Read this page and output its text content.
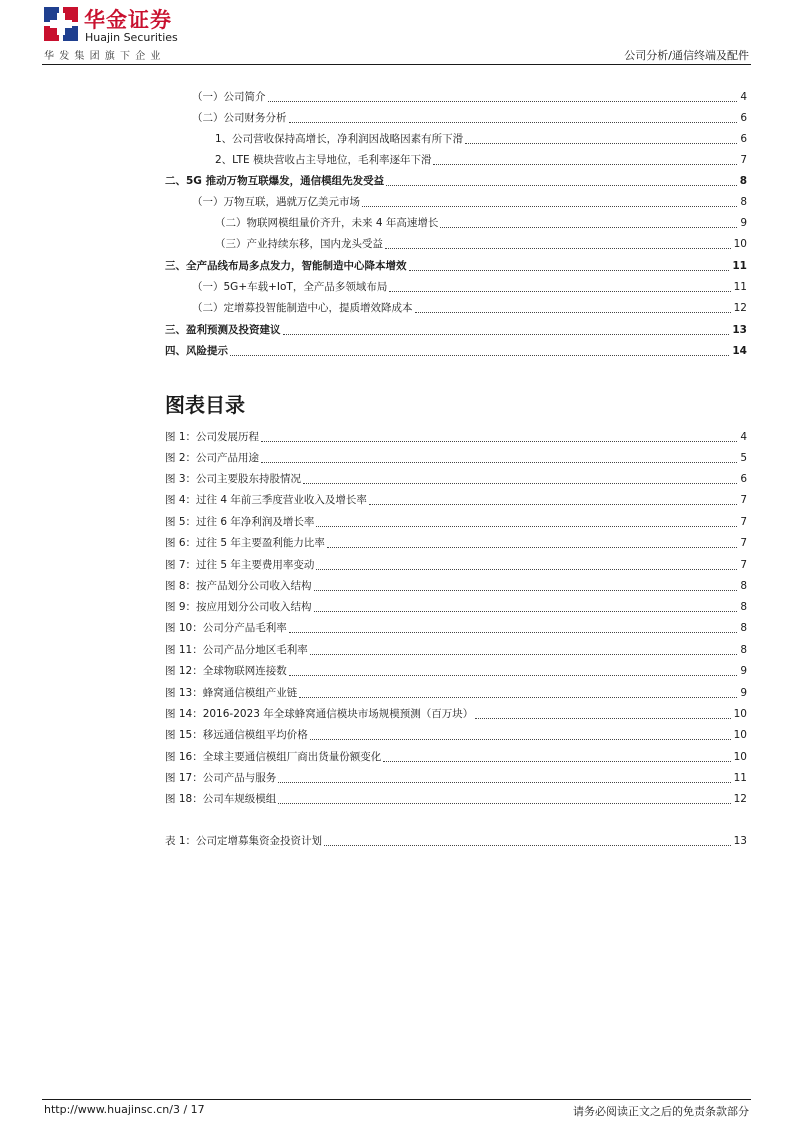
华金证券
Huajin Securities
华发集团旗下企业	公司分析/通信终端及配件
（一）公司简介	4
（二）公司财务分析	6
1、公司营收保持高增长，净利润因战略因素有所下滑	6
2、LTE 模块营收占主导地位，毛利率逐年下滑	7
二、5G 推动万物互联爆发，通信模组先发受益	8
（一）万物互联，遇就万亿美元市场	8
（二）物联网模组量价齐升，未来 4 年高速增长	9
（三）产业持续东移，国内龙头受益	10
三、全产品线布局多点发力，智能制造中心降本增效	11
（一）5G+车载+IoT，全产品多领域布局	11
（二）定增募投智能制造中心，提质增效降成本	12
三、盈利预测及投资建议	13
四、风险提示	14
图表目录
图 1：公司发展历程	4
图 2：公司产品用途	5
图 3：公司主要股东持股情况	6
图 4：过往 4 年前三季度营业收入及增长率	7
图 5：过往 6 年净利润及增长率	7
图 6：过往 5 年主要盈利能力比率	7
图 7：过往 5 年主要费用率变动	7
图 8：按产品划分公司收入结构	8
图 9：按应用划分公司收入结构	8
图 10：公司分产品毛利率	8
图 11：公司产品分地区毛利率	8
图 12：全球物联网连接数	9
图 13：蜂窝通信模组产业链	9
图 14：2016-2023 年全球蜂窝通信模块市场规模预测（百万块）	10
图 15：移远通信模组平均价格	10
图 16：全球主要通信模组厂商出货量份额变化	10
图 17：公司产品与服务	11
图 18：公司车规级模组	12
表 1：公司定增募集资金投资计划	13
http://www.huajinsc.cn/3 / 17	请务必阅读正文之后的免责条款部分
